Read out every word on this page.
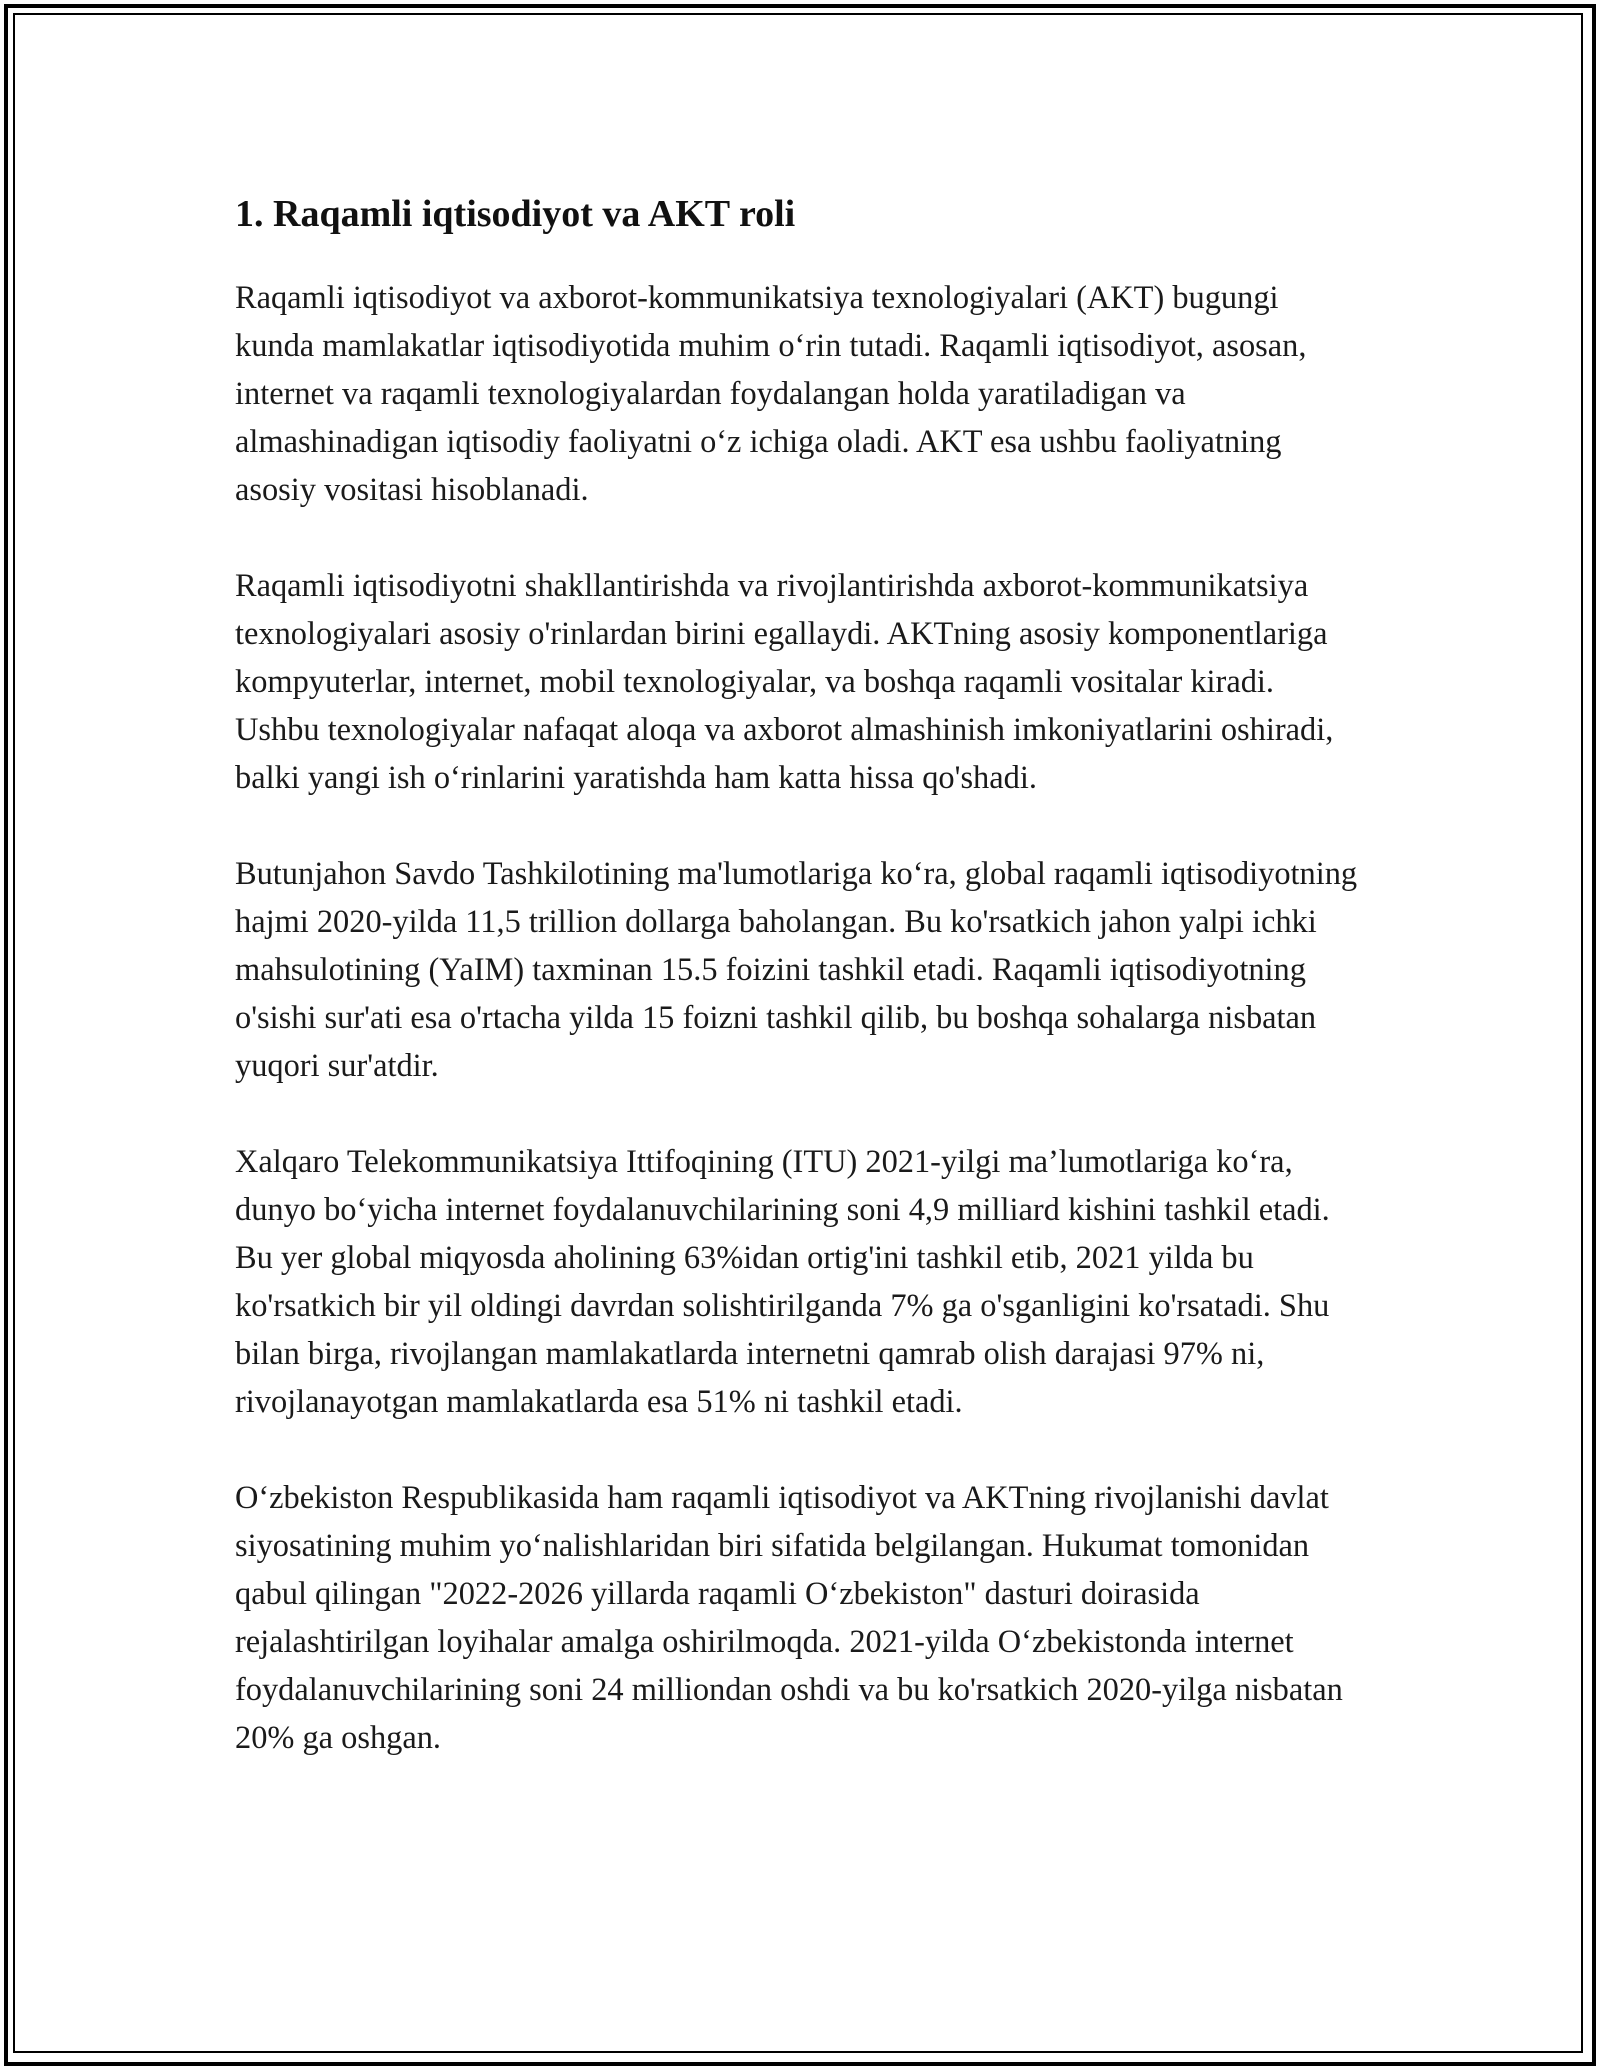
1. Raqamli iqtisodiyot va AKT roli

Raqamli iqtisodiyot va axborot-kommunikatsiya texnologiyalari (AKT) bugungi kunda mamlakatlar iqtisodiyotida muhim o‘rin tutadi. Raqamli iqtisodiyot, asosan, internet va raqamli texnologiyalardan foydalangan holda yaratiladigan va almashinadigan iqtisodiy faoliyatni o‘z ichiga oladi. AKT esa ushbu faoliyatning asosiy vositasi hisoblanadi.

Raqamli iqtisodiyotni shakllantirishda va rivojlantirishda axborot-kommunikatsiya texnologiyalari asosiy o'rinlardan birini egallaydi. AKTning asosiy komponentlariga kompyuterlar, internet, mobil texnologiyalar, va boshqa raqamli vositalar kiradi. Ushbu texnologiyalar nafaqat aloqa va axborot almashinish imkoniyatlarini oshiradi, balki yangi ish o‘rinlarini yaratishda ham katta hissa qo'shadi.

Butunjahon Savdo Tashkilotining ma'lumotlariga ko‘ra, global raqamli iqtisodiyotning hajmi 2020-yilda 11,5 trillion dollarga baholangan. Bu ko'rsatkich jahon yalpi ichki mahsulotining (YaIM) taxminan 15.5 foizini tashkil etadi. Raqamli iqtisodiyotning o'sishi sur'ati esa o'rtacha yilda 15 foizni tashkil qilib, bu boshqa sohalarga nisbatan yuqori sur'atdir.

Xalqaro Telekommunikatsiya Ittifoqining (ITU) 2021-yilgi ma’lumotlariga ko‘ra, dunyo bo‘yicha internet foydalanuvchilarining soni 4,9 milliard kishini tashkil etadi. Bu yer global miqyosda aholining 63%idan ortig'ini tashkil etib, 2021 yilda bu ko'rsatkich bir yil oldingi davrdan solishtirilganda 7% ga o'sganligini ko'rsatadi. Shu bilan birga, rivojlangan mamlakatlarda internetni qamrab olish darajasi 97% ni, rivojlanayotgan mamlakatlarda esa 51% ni tashkil etadi.

O‘zbekiston Respublikasida ham raqamli iqtisodiyot va AKTning rivojlanishi davlat siyosatining muhim yo‘nalishlaridan biri sifatida belgilangan. Hukumat tomonidan qabul qilingan "2022-2026 yillarda raqamli O‘zbekiston" dasturi doirasida rejalashtirilgan loyihalar amalga oshirilmoqda. 2021-yilda O‘zbekistonda internet foydalanuvchilarining soni 24 milliondan oshdi va bu ko'rsatkich 2020-yilga nisbatan 20% ga oshgan.
